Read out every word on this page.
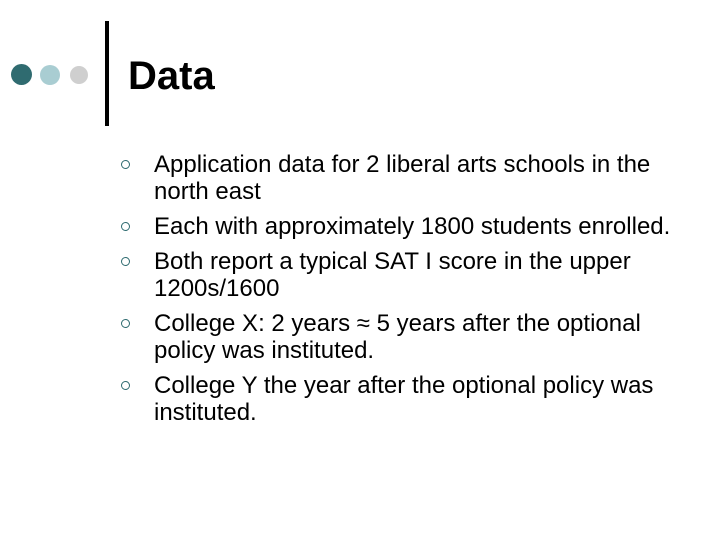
Data
Application data for 2 liberal arts schools in the north east
Each with approximately 1800 students enrolled.
Both report a typical SAT I score in the upper 1200s/1600
College X: 2 years ≈ 5 years after the optional policy was instituted.
College Y the year after the optional policy was instituted.
